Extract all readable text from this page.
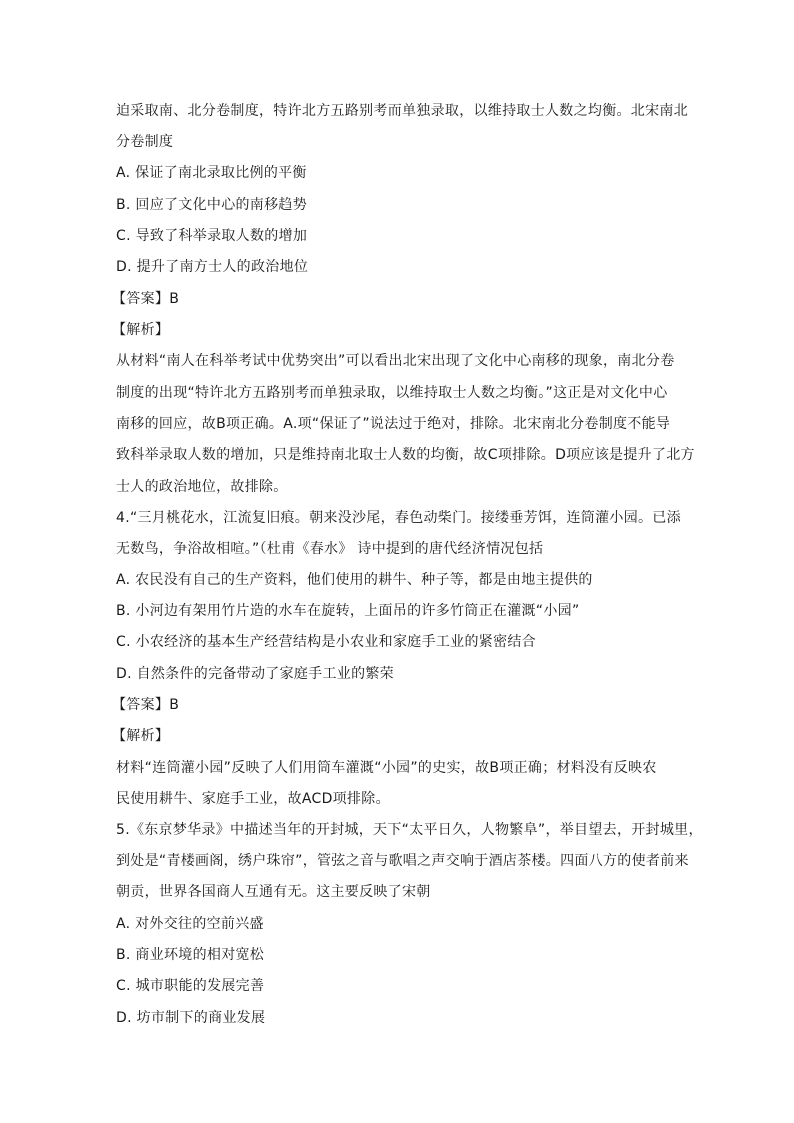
迫采取南、北分卷制度，特许北方五路别考而单独录取，以维持取士人数之均衡。北宋南北
分卷制度
A. 保证了南北录取比例的平衡
B. 回应了文化中心的南移趋势
C. 导致了科举录取人数的增加
D. 提升了南方士人的政治地位
【答案】B
【解析】
从材料“南人在科举考试中优势突出”可以看出北宋出现了文化中心南移的现象，南北分卷
制度的出现“特许北方五路别考而单独录取，以维持取士人数之均衡。”这正是对文化中心
南移的回应，故B项正确。A.项“保证了”说法过于绝对，排除。北宋南北分卷制度不能导
致科举录取人数的增加，只是维持南北取士人数的均衡，故C项排除。D项应该是提升了北方
士人的政治地位，故排除。
4.“三月桃花水，江流复旧痕。朝来没沙尾，春色动柴门。接缕垂芳饵，连筒灌小园。已添
无数鸟，争浴故相喧。”（杜甫《春水》 诗中提到的唐代经济情况包括
A. 农民没有自己的生产资料，他们使用的耕牛、种子等，都是由地主提供的
B. 小河边有架用竹片造的水车在旋转，上面吊的许多竹筒正在灌溉“小园”
C. 小农经济的基本生产经营结构是小农业和家庭手工业的紧密结合
D. 自然条件的完备带动了家庭手工业的繁荣
【答案】B
【解析】
材料“连筒灌小园”反映了人们用筒车灌溉“小园”的史实，故B项正确；材料没有反映农
民使用耕牛、家庭手工业，故ACD项排除。
5.《东京梦华录》中描述当年的开封城，天下“太平日久，人物繁阜”，举目望去，开封城里，
到处是“青楼画阁，绣户珠帘”，管弦之音与歌唱之声交响于酒店茶楼。四面八方的使者前来
朝贡，世界各国商人互通有无。这主要反映了宋朝
A. 对外交往的空前兴盛
B. 商业环境的相对宽松
C. 城市职能的发展完善
D. 坊市制下的商业发展
